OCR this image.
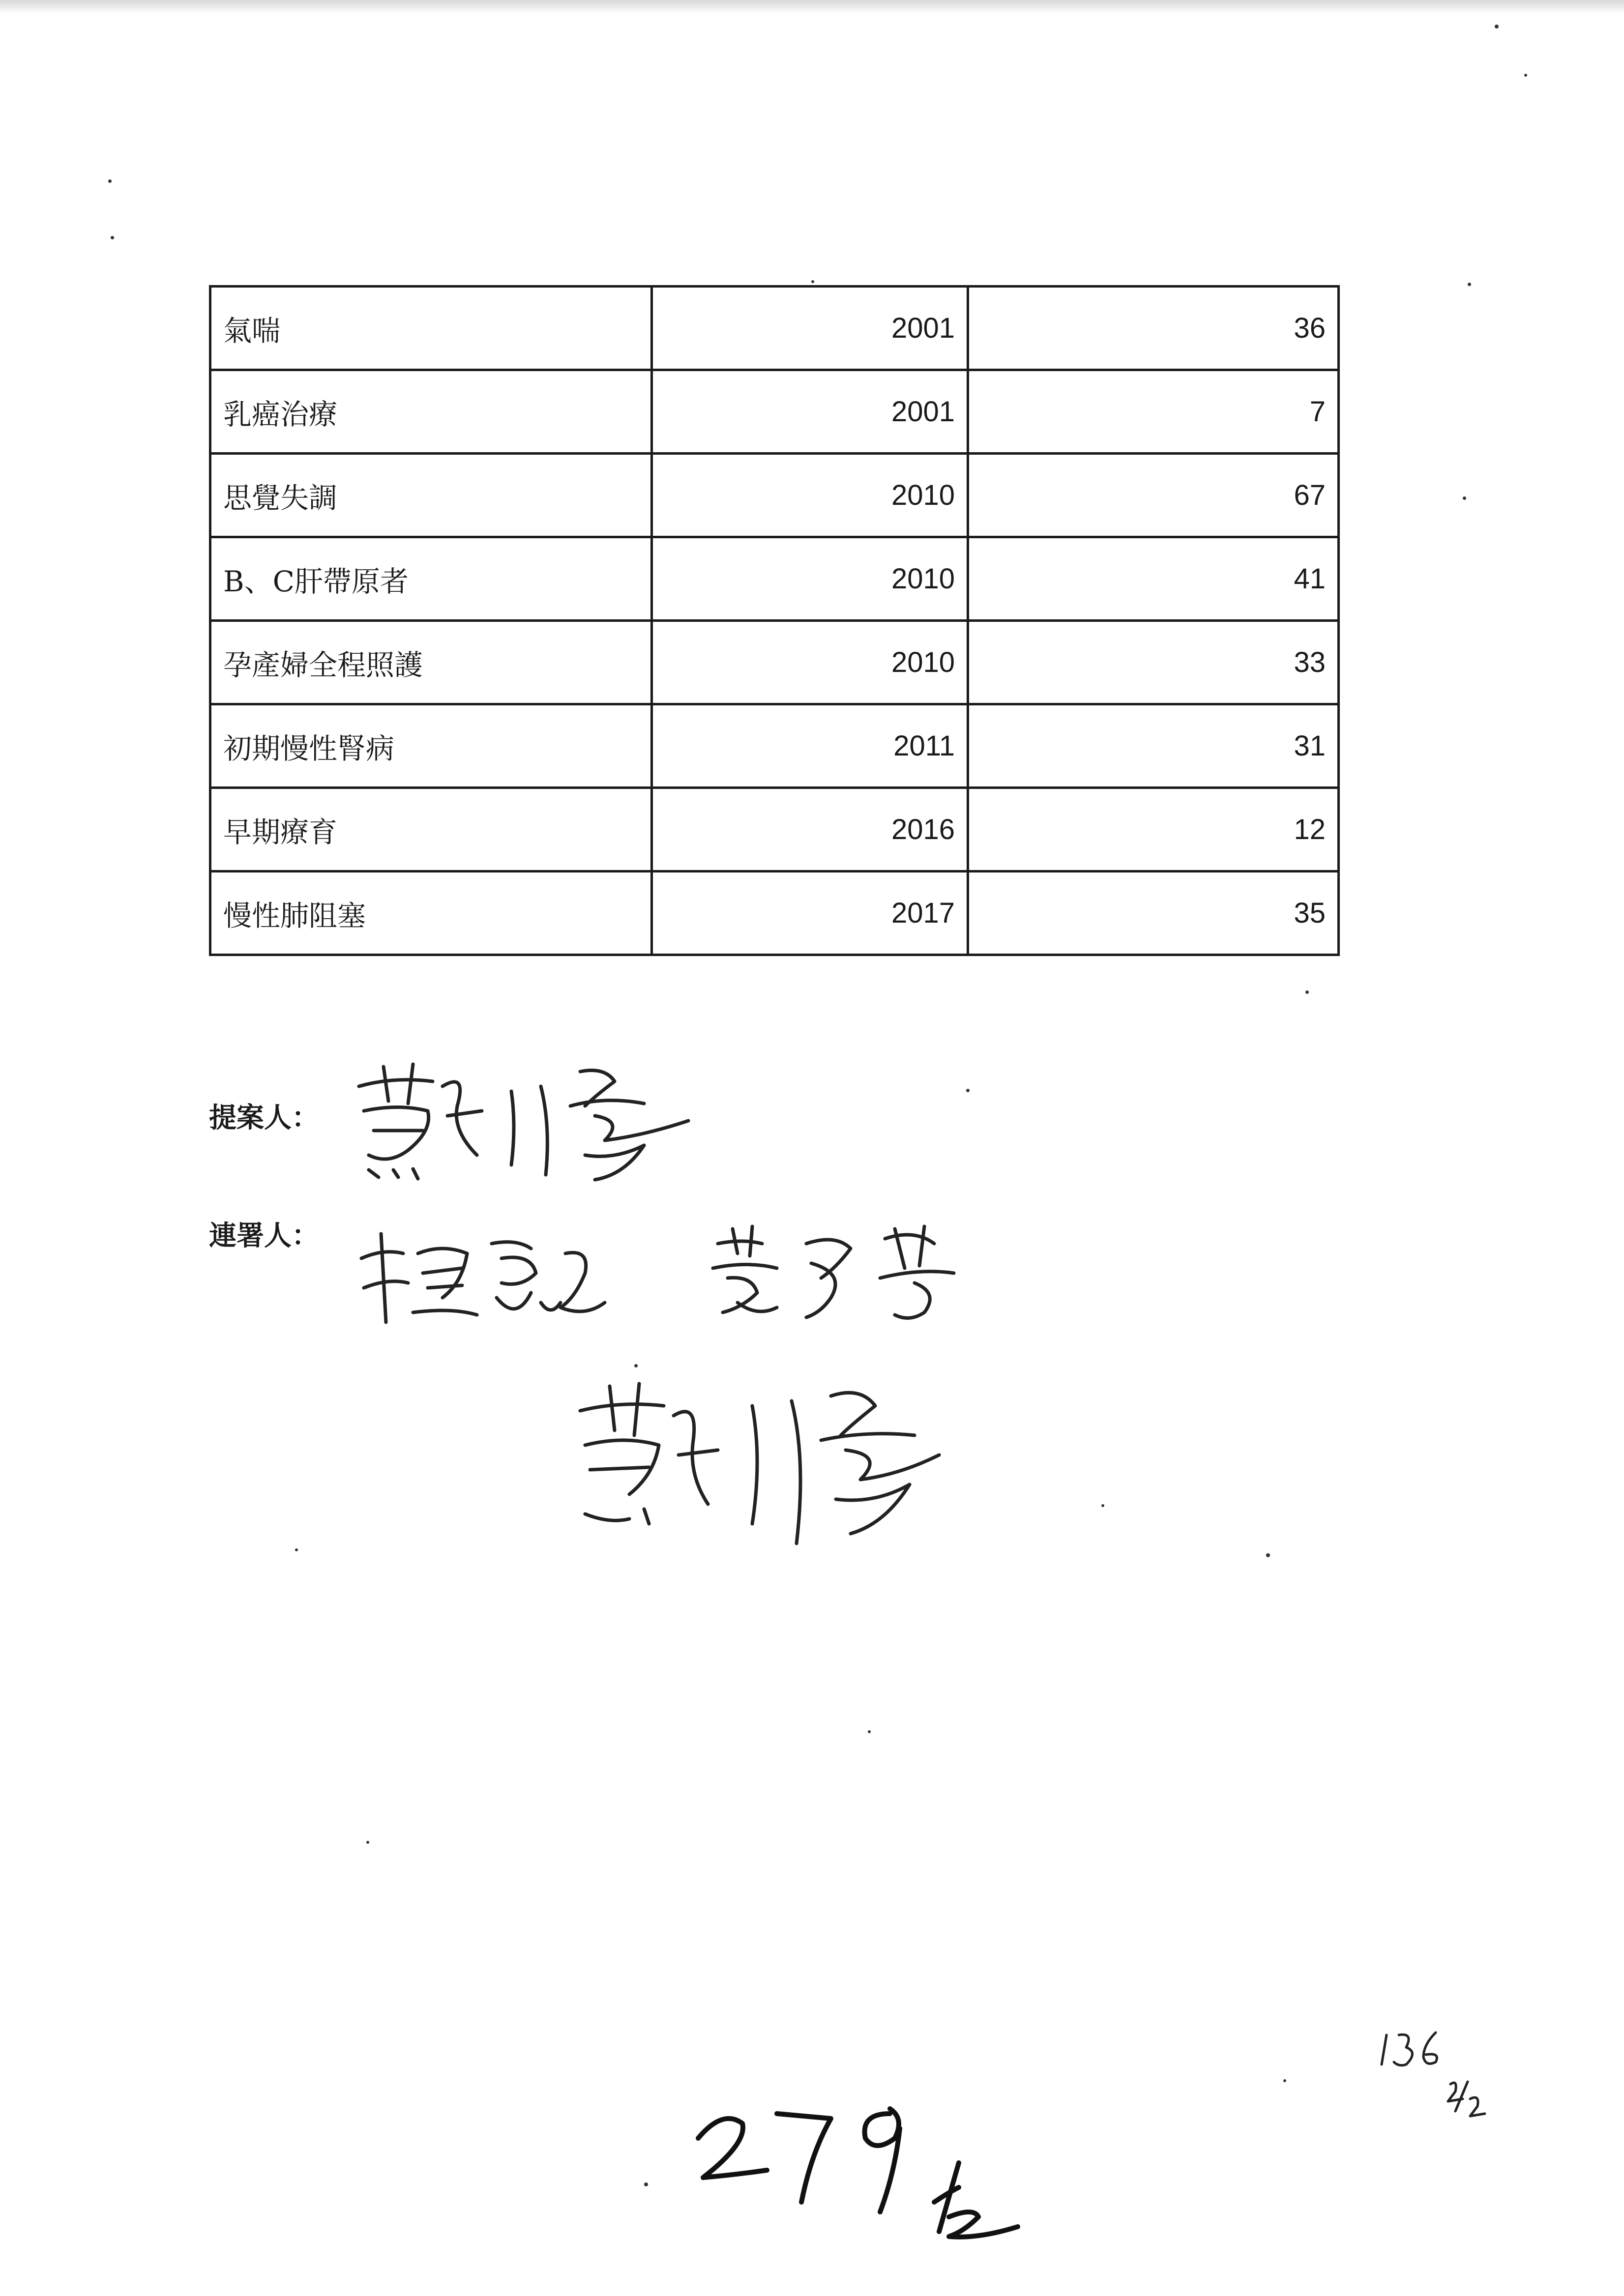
氣喘	2001	36
乳癌治療	2001	7
思覺失調	2010	67
B、C肝帶原者	2010	41
孕產婦全程照護	2010	33
初期慢性腎病	2011	31
早期療育	2016	12
慢性肺阻塞	2017	35
提案人：
連署人：
